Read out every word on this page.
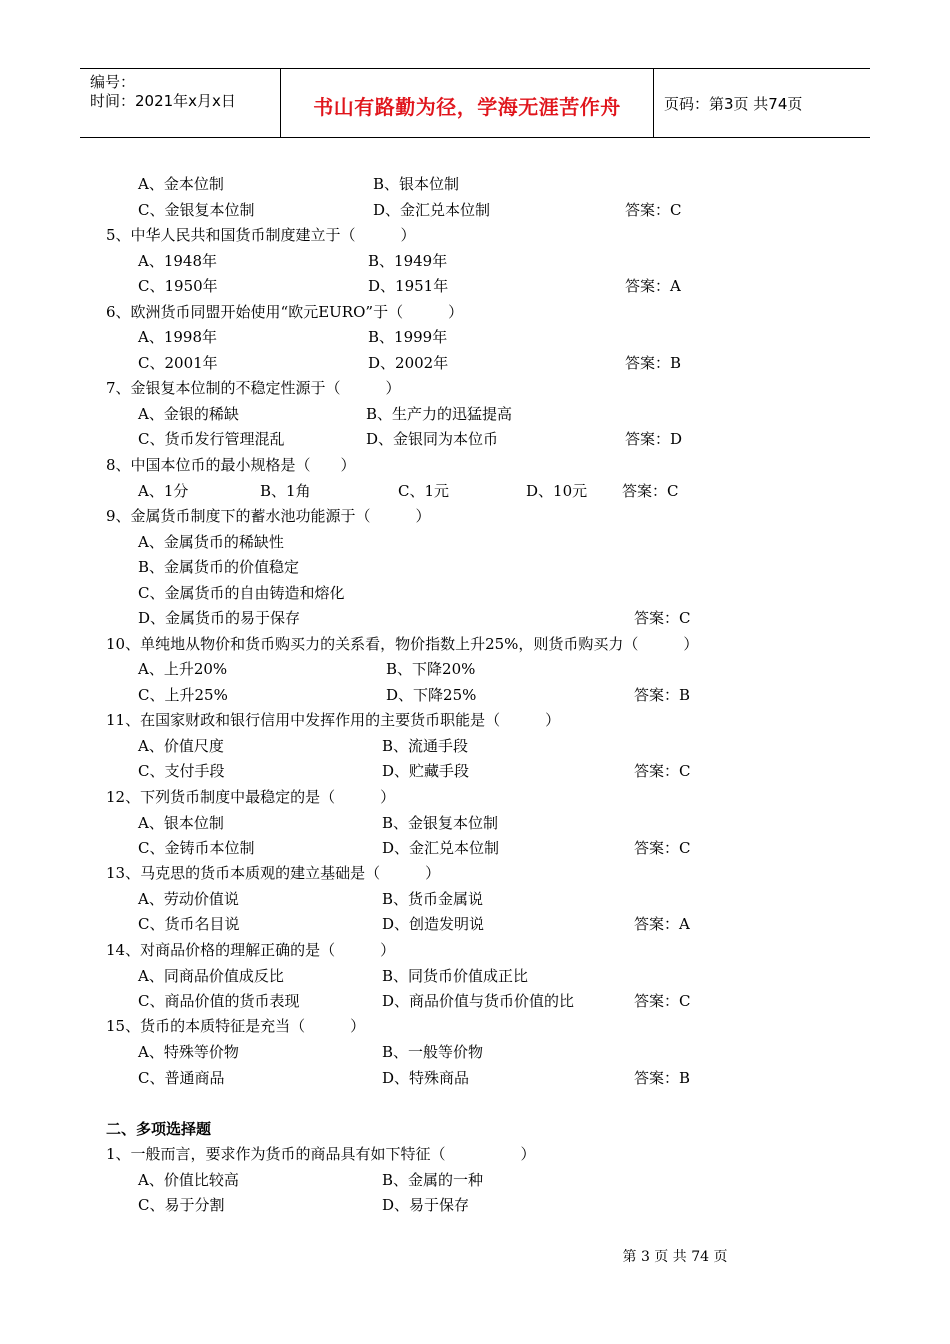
编号：
时间：2021年x月x日	书山有路勤为径，学海无涯苦作舟	页码：第3页 共74页
A、金本位制	B、银本位制
C、金银复本位制	D、金汇兑本位制	答案：C
5、中华人民共和国货币制度建立于（　　　）
A、1948年	B、1949年
C、1950年	D、1951年	答案：A
6、欧洲货币同盟开始使用“欧元EURO”于（　　　）
A、1998年	B、1999年
C、2001年	D、2002年	答案：B
7、金银复本位制的不稳定性源于（　　　）
A、金银的稀缺	B、生产力的迅猛提高
C、货币发行管理混乱	D、金银同为本位币	答案：D
8、中国本位币的最小规格是（　　）
A、1分	B、1角	C、1元	D、10元 答案：C
9、金属货币制度下的蓄水池功能源于（　　　）
A、金属货币的稀缺性
B、金属货币的价值稳定
C、金属货币的自由铸造和熔化
D、金属货币的易于保存	答案：C
10、单纯地从物价和货币购买力的关系看，物价指数上升25%，则货币购买力（　　　）
A、上升20%	B、下降20%
C、上升25%	D、下降25%	答案：B
11、在国家财政和银行信用中发挥作用的主要货币职能是（　　　）
A、价值尺度	B、流通手段
C、支付手段	D、贮藏手段	答案：C
12、下列货币制度中最稳定的是（　　　）
A、银本位制	B、金银复本位制
C、金铸币本位制	D、金汇兑本位制	答案：C
13、马克思的货币本质观的建立基础是（　　　）
A、劳动价值说	B、货币金属说
C、货币名目说	D、创造发明说	答案：A
14、对商品价格的理解正确的是（　　　）
A、同商品价值成反比	B、同货币价值成正比
C、商品价值的货币表现	D、商品价值与货币价值的比	答案：C
15、货币的本质特征是充当（　　　）
A、特殊等价物	B、一般等价物
C、普通商品	D、特殊商品	答案：B
二、多项选择题
1、一般而言，要求作为货币的商品具有如下特征（　　　　　）
A、价值比较高	B、金属的一种
C、易于分割	D、易于保存
第 3 页 共 74 页
